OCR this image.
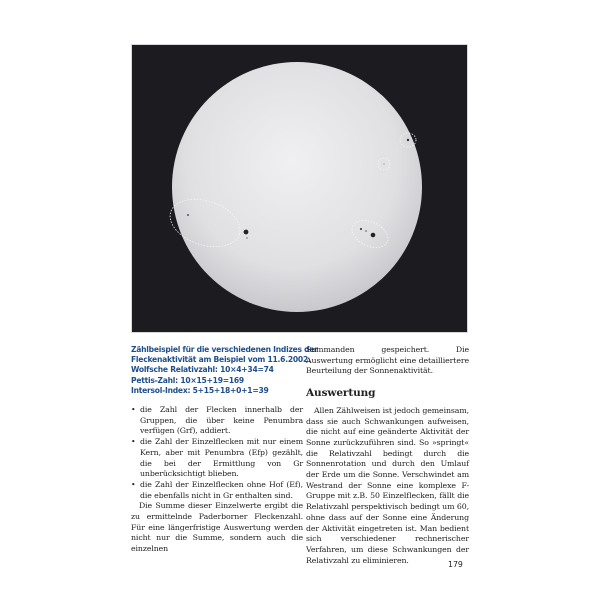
Zählbeispiel für die verschiedenen Indizes der
Fleckenaktivität am Beispiel vom 11.6.2002.
Wolfsche Relativzahl: 10×4+34=74
Pettis-Zahl: 10×15+19=169
Intersol-Index: 5+15+18+0+1=39
• die Zahl der Flecken innerhalb der Gruppen, die über keine Penumbra verfügen (Grf), addiert.
• die Zahl der Einzelflecken mit nur einem Kern, aber mit Penumbra (Efp) gezählt, die bei der Ermittlung von Gr unberücksichtigt blieben.
• die Zahl der Einzelflecken ohne Hof (Ef), die ebenfalls nicht in Gr enthalten sind.

Die Summe dieser Einzelwerte ergibt die zu ermittelnde Paderborner Fleckenzahl. Für eine längerfristige Auswertung werden nicht nur die Summe, sondern auch die einzelnen

Summanden gespeichert. Die Auswertung ermöglicht eine detailliertere Beurteilung der Sonnenaktivität.

Auswertung

Allen Zählweisen ist jedoch gemeinsam, dass sie auch Schwankungen aufweisen, die nicht auf eine geänderte Aktivität der Sonne zurückzuführen sind. So »springt« die Relativzahl bedingt durch die Sonnenrotation und durch den Umlauf der Erde um die Sonne. Verschwindet am Westrand der Sonne eine komplexe F-Gruppe mit z.B. 50 Einzelflecken, fällt die Relativzahl perspektivisch bedingt um 60, ohne dass auf der Sonne eine Änderung der Aktivität eingetreten ist. Man bedient sich verschiedener rechnerischer Verfahren, um diese Schwankungen der Relativzahl zu eliminieren.	179
